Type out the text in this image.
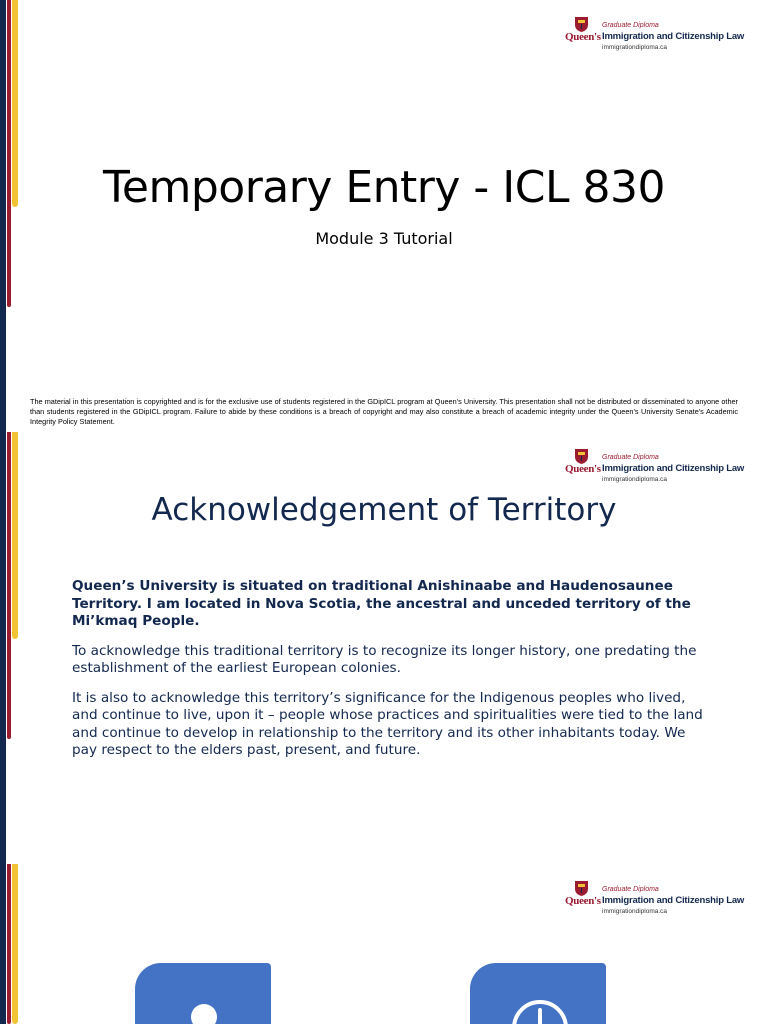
Queen's
Graduate Diploma
Immigration and Citizenship Law
immigrationdiploma.ca
Temporary Entry - ICL 830
Module 3 Tutorial
The material in this presentation is copyrighted and is for the exclusive use of students registered in the GDipICL program at Queen's University. This presentation shall not be distributed or disseminated to anyone other than students registered in the GDipICL program. Failure to abide by these conditions is a breach of copyright and may also constitute a breach of academic integrity under the Queen's University Senate's Academic Integrity Policy Statement.
Queen's
Graduate Diploma
Immigration and Citizenship Law
immigrationdiploma.ca
Acknowledgement of Territory

Queen’s University is situated on traditional Anishinaabe and Haudenosaunee Territory. I am located in Nova Scotia, the ancestral and unceded territory of the Mi’kmaq People.

To acknowledge this traditional territory is to recognize its longer history, one predating the establishment of the earliest European colonies.

It is also to acknowledge this territory’s significance for the Indigenous peoples who lived, and continue to live, upon it – people whose practices and spiritualities were tied to the land and continue to develop in relationship to the territory and its other inhabitants today. We pay respect to the elders past, present, and future.

Queen's
Graduate Diploma
Immigration and Citizenship Law
immigrationdiploma.ca
